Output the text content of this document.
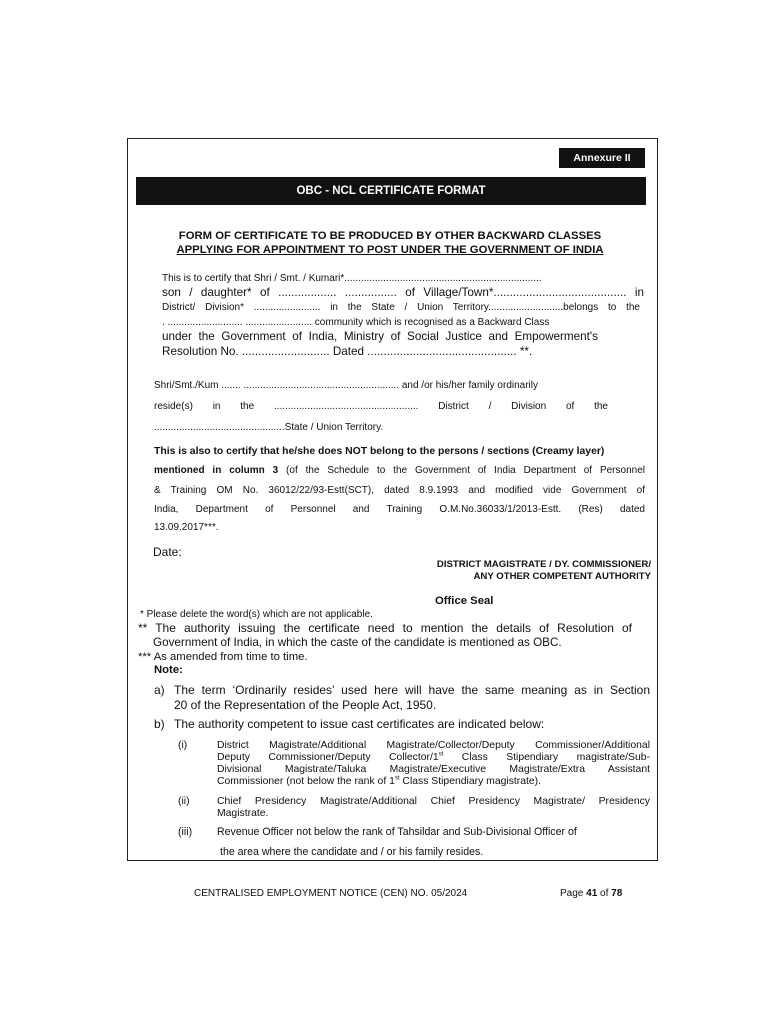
Annexure II
OBC - NCL CERTIFICATE FORMAT
FORM OF CERTIFICATE TO BE PRODUCED BY OTHER BACKWARD CLASSES
APPLYING FOR APPOINTMENT TO POST UNDER THE GOVERNMENT OF INDIA
This is to certify that Shri / Smt. / Kumari*.......................................................................
son / daughter* of .................. ................ of Village/Town*......................................... in
District/ Division* ........................ in the State / Union Territory...........................belongs to the
. ........................... ........................ community which is recognised as a Backward Class
under the Government of India, Ministry of Social Justice and Empowerment's
Resolution No. ........................... Dated .............................................. **.
Shri/Smt./Kum ....... ........................................................ and /or his/her family ordinarily
reside(s) in the .................................................... District / Division of the
...............................................State / Union Territory.
This is also to certify that he/she does NOT belong to the persons / sections (Creamy layer)
mentioned in column 3 (of the Schedule to the Government of India Department of Personnel
& Training OM No. 36012/22/93-Estt(SCT), dated 8.9.1993 and modified vide Government of
India, Department of Personnel and Training O.M.No.36033/1/2013-Estt. (Res) dated
13.09.2017***.
Date:
DISTRICT MAGISTRATE / DY. COMMISSIONER/
ANY OTHER COMPETENT AUTHORITY
Office Seal
* Please delete the word(s) which are not applicable.
** The authority issuing the certificate need to mention the details of Resolution of
Government of India, in which the caste of the candidate is mentioned as OBC.
*** As amended from time to time.
Note:
a) The term ‘Ordinarily resides’ used here will have the same meaning as in Section
20 of the Representation of the People Act, 1950.
b) The authority competent to issue cast certificates are indicated below:
(i)	District Magistrate/Additional Magistrate/Collector/Deputy Commissioner/Additional
Deputy Commissioner/Deputy Collector/1st Class Stipendiary magistrate/Sub-
Divisional Magistrate/Taluka Magistrate/Executive Magistrate/Extra Assistant
Commissioner (not below the rank of 1st Class Stipendiary magistrate).
(ii)	Chief Presidency Magistrate/Additional Chief Presidency Magistrate/ Presidency
Magistrate.
(iii) Revenue Officer not below the rank of Tahsildar and Sub-Divisional Officer of
the area where the candidate and / or his family resides.
CENTRALISED EMPLOYMENT NOTICE (CEN) NO. 05/2024	Page 41 of 78
